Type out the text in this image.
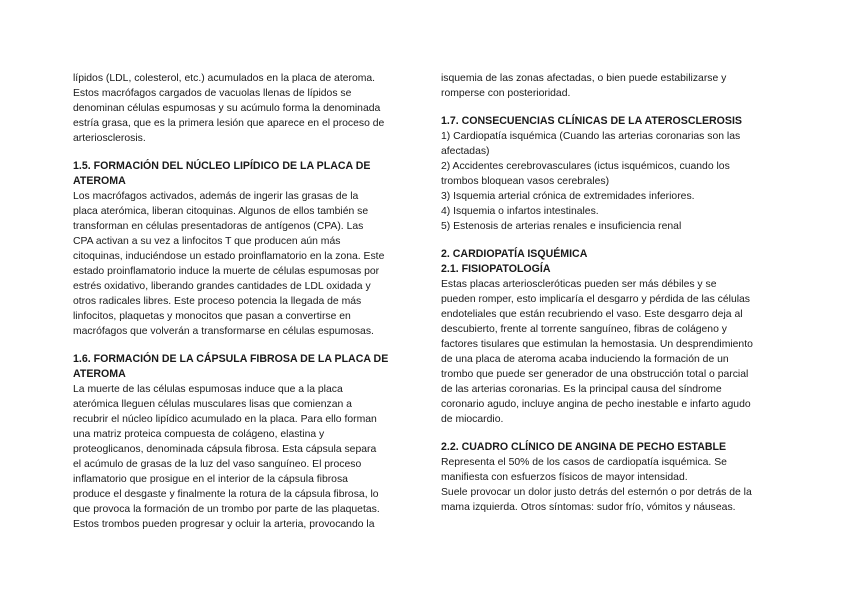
lípidos (LDL, colesterol, etc.) acumulados en la placa de ateroma.
Estos macrófagos cargados de vacuolas llenas de lípidos se
denominan células espumosas y su acúmulo forma la denominada
estría grasa, que es la primera lesión que aparece en el proceso de
arteriosclerosis.
1.5. FORMACIÓN DEL NÚCLEO LIPÍDICO DE LA PLACA DE
ATEROMA
Los macrófagos activados, además de ingerir las grasas de la
placa aterómica, liberan citoquinas. Algunos de ellos también se
transforman en células presentadoras de antígenos (CPA). Las
CPA activan a su vez a linfocitos T que producen aún más
citoquinas, induciéndose un estado proinflamatorio en la zona. Este
estado proinflamatorio induce la muerte de células espumosas por
estrés oxidativo, liberando grandes cantidades de LDL oxidada y
otros radicales libres. Este proceso potencia la llegada de más
linfocitos, plaquetas y monocitos que pasan a convertirse en
macrófagos que volverán a transformarse en células espumosas.
1.6. FORMACIÓN DE LA CÁPSULA FIBROSA DE LA PLACA DE
ATEROMA
La muerte de las células espumosas induce que a la placa
aterómica lleguen células musculares lisas que comienzan a
recubrir el núcleo lipídico acumulado en la placa. Para ello forman
una matriz proteica compuesta de colágeno, elastina y
proteoglicanos, denominada cápsula fibrosa. Esta cápsula separa
el acúmulo de grasas de la luz del vaso sanguíneo. El proceso
inflamatorio que prosigue en el interior de la cápsula fibrosa
produce el desgaste y finalmente la rotura de la cápsula fibrosa, lo
que provoca la formación de un trombo por parte de las plaquetas.
Estos trombos pueden progresar y ocluir la arteria, provocando la
isquemia de las zonas afectadas, o bien puede estabilizarse y
romperse con posterioridad.
1.7. CONSECUENCIAS CLÍNICAS DE LA ATEROSCLEROSIS
1) Cardiopatía isquémica (Cuando las arterias coronarias son las
afectadas)
2) Accidentes cerebrovasculares (ictus isquémicos, cuando los
trombos bloquean vasos cerebrales)
3) Isquemia arterial crónica de extremidades inferiores.
4) Isquemia o infartos intestinales.
5) Estenosis de arterias renales e insuficiencia renal
2. CARDIOPATÍA ISQUÉMICA
2.1. FISIOPATOLOGÍA
Estas placas arterioscleróticas pueden ser más débiles y se
pueden romper, esto implicaría el desgarro y pérdida de las células
endoteliales que están recubriendo el vaso. Este desgarro deja al
descubierto, frente al torrente sanguíneo, fibras de colágeno y
factores tisulares que estimulan la hemostasia. Un desprendimiento
de una placa de ateroma acaba induciendo la formación de un
trombo que puede ser generador de una obstrucción total o parcial
de las arterias coronarias. Es la principal causa del síndrome
coronario agudo, incluye angina de pecho inestable e infarto agudo
de miocardio.
2.2. CUADRO CLÍNICO DE ANGINA DE PECHO ESTABLE
Representa el 50% de los casos de cardiopatía isquémica. Se
manifiesta con esfuerzos físicos de mayor intensidad.
Suele provocar un dolor justo detrás del esternón o por detrás de la
mama izquierda. Otros síntomas: sudor frío, vómitos y náuseas.
